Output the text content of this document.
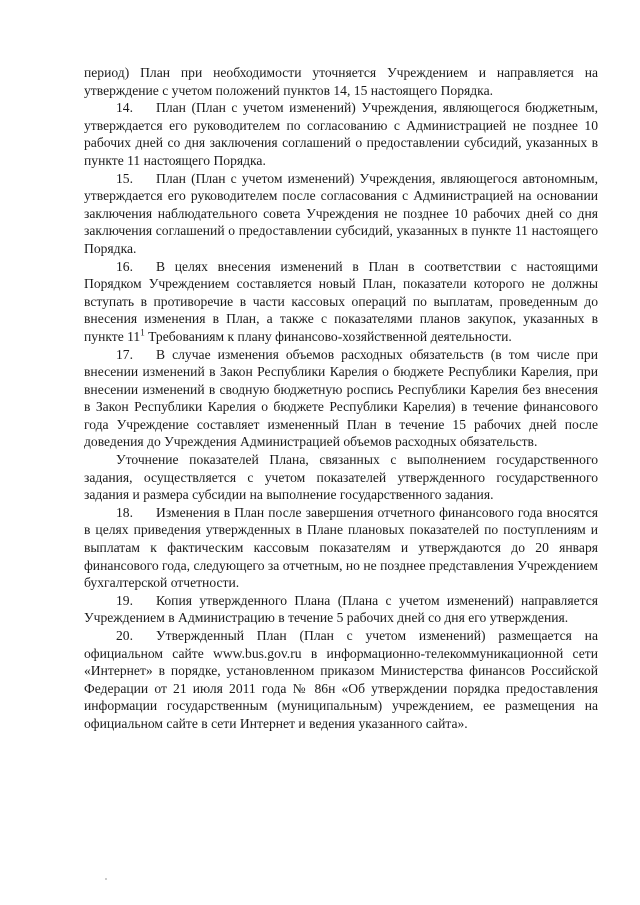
период) План при необходимости уточняется Учреждением и направляется на утверждение с учетом положений пунктов 14, 15 настоящего Порядка.

14. План (План с учетом изменений) Учреждения, являющегося бюджетным, утверждается его руководителем по согласованию с Администрацией не позднее 10 рабочих дней со дня заключения соглашений о предоставлении субсидий, указанных в пункте 11 настоящего Порядка.

15. План (План с учетом изменений) Учреждения, являющегося автономным, утверждается его руководителем после согласования с Администрацией на основании заключения наблюдательного совета Учреждения не позднее 10 рабочих дней со дня заключения соглашений о предоставлении субсидий, указанных в пункте 11 настоящего Порядка.

16. В целях внесения изменений в План в соответствии с настоящими Порядком Учреждением составляется новый План, показатели которого не должны вступать в противоречие в части кассовых операций по выплатам, проведенным до внесения изменения в План, а также с показателями планов закупок, указанных в пункте $11^1$ Требованиям к плану финансово-хозяйственной деятельности.

17. В случае изменения объемов расходных обязательств (в том числе при внесении изменений в Закон Республики Карелия о бюджете Республики Карелия, при внесении изменений в сводную бюджетную роспись Республики Карелия без внесения в Закон Республики Карелия о бюджете Республики Карелия) в течение финансового года Учреждение составляет измененный План в течение 15 рабочих дней после доведения до Учреждения Администрацией объемов расходных обязательств.

Уточнение показателей Плана, связанных с выполнением государственного задания, осуществляется с учетом показателей утвержденного государственного задания и размера субсидии на выполнение государственного задания.

18. Изменения в План после завершения отчетного финансового года вносятся в целях приведения утвержденных в Плане плановых показателей по поступлениям и выплатам к фактическим кассовым показателям и утверждаются до 20 января финансового года, следующего за отчетным, но не позднее представления Учреждением бухгалтерской отчетности.

19. Копия утвержденного Плана (Плана с учетом изменений) направляется Учреждением в Администрацию в течение 5 рабочих дней со дня его утверждения.

20. Утвержденный План (План с учетом изменений) размещается на официальном сайте www.bus.gov.ru в информационно-телекоммуникационной сети «Интернет» в порядке, установленном приказом Министерства финансов Российской Федерации от 21 июля 2011 года № 86н «Об утверждении порядка предоставления информации государственным (муниципальным) учреждением, ее размещения на официальном сайте в сети Интернет и ведения указанного сайта».
